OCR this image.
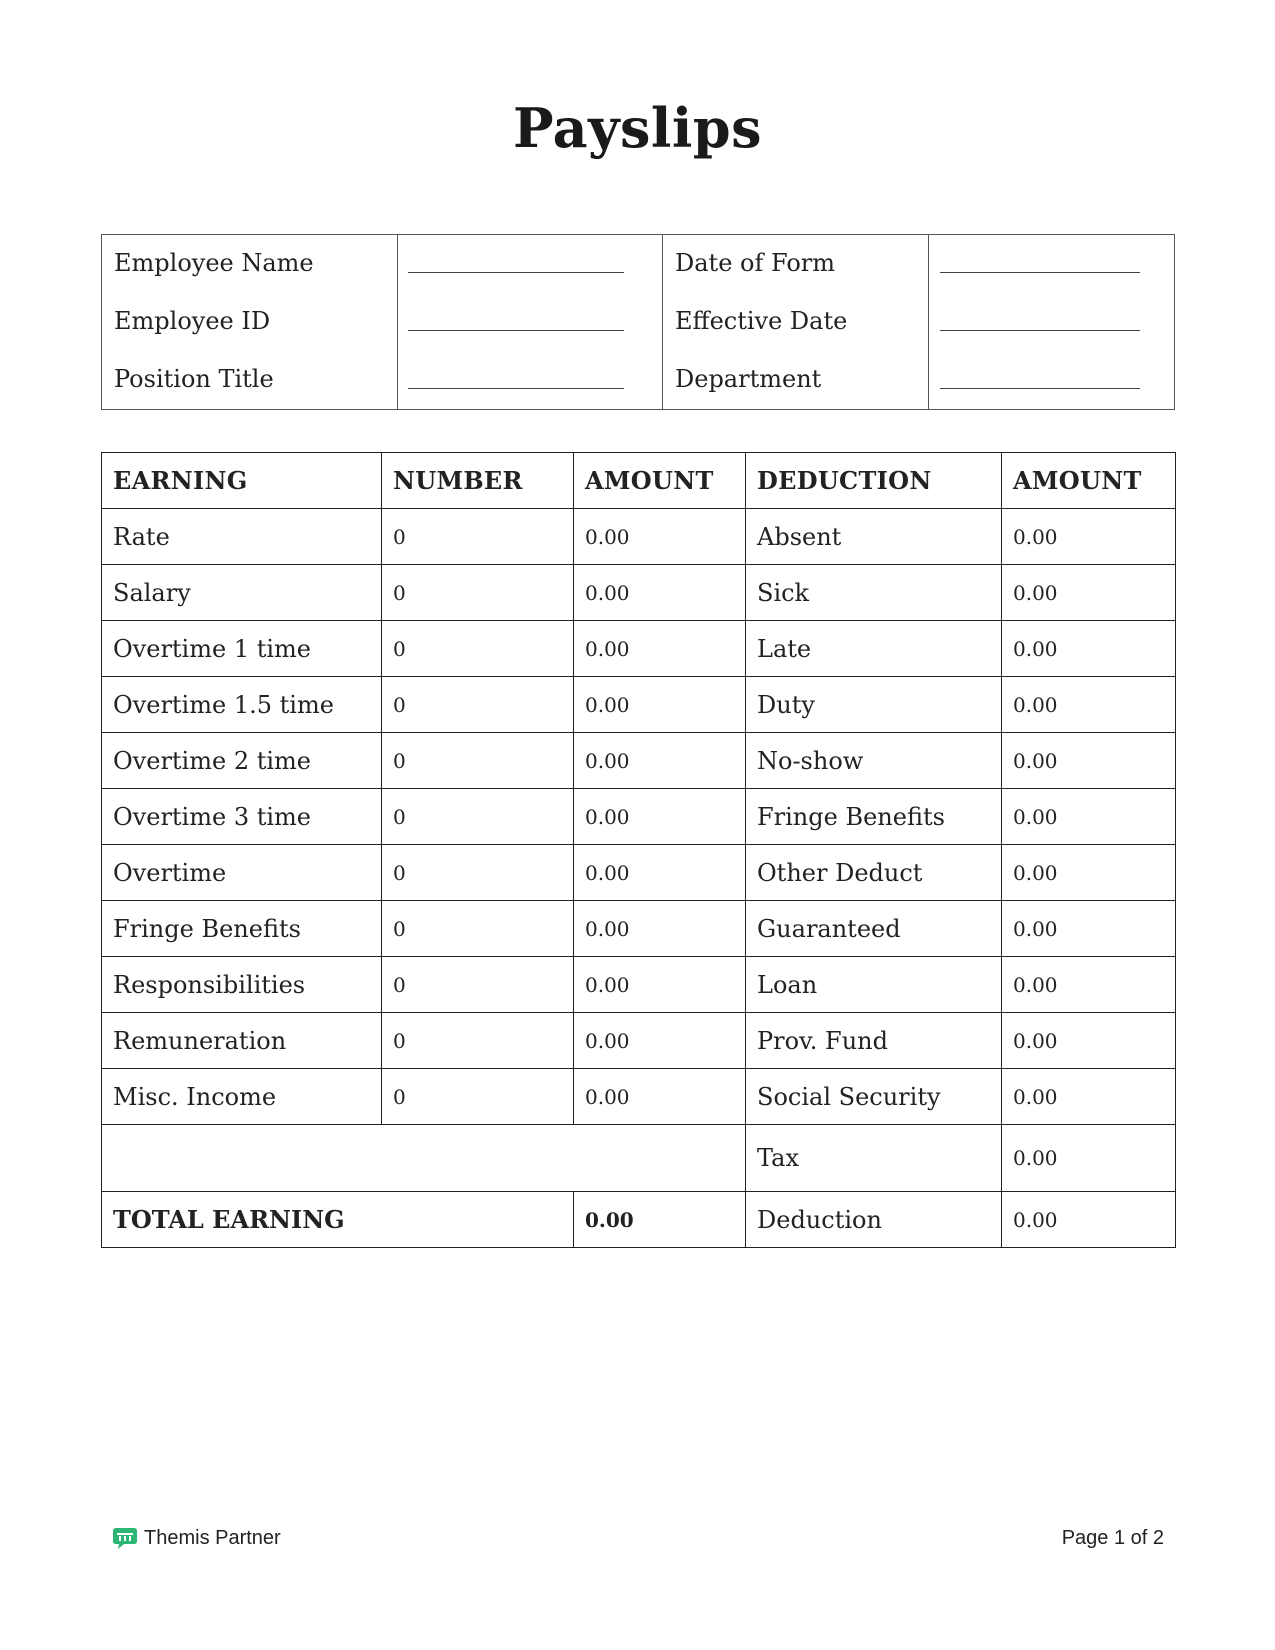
Payslips
Employee Name
Employee ID
Position Title
Date of Form
Effective Date
Department
EARNING	NUMBER	AMOUNT	DEDUCTION	AMOUNT
Rate	0	0.00	Absent	0.00
Salary	0	0.00	Sick	0.00
Overtime 1 time	0	0.00	Late	0.00
Overtime 1.5 time	0	0.00	Duty	0.00
Overtime 2 time	0	0.00	No-show	0.00
Overtime 3 time	0	0.00	Fringe Benefits	0.00
Overtime	0	0.00	Other Deduct	0.00
Fringe Benefits	0	0.00	Guaranteed	0.00
Responsibilities	0	0.00	Loan	0.00
Remuneration	0	0.00	Prov. Fund	0.00
Misc. Income	0	0.00	Social Security	0.00
			Tax	0.00
TOTAL EARNING		0.00	Deduction	0.00
Themis Partner	Page 1 of 2
